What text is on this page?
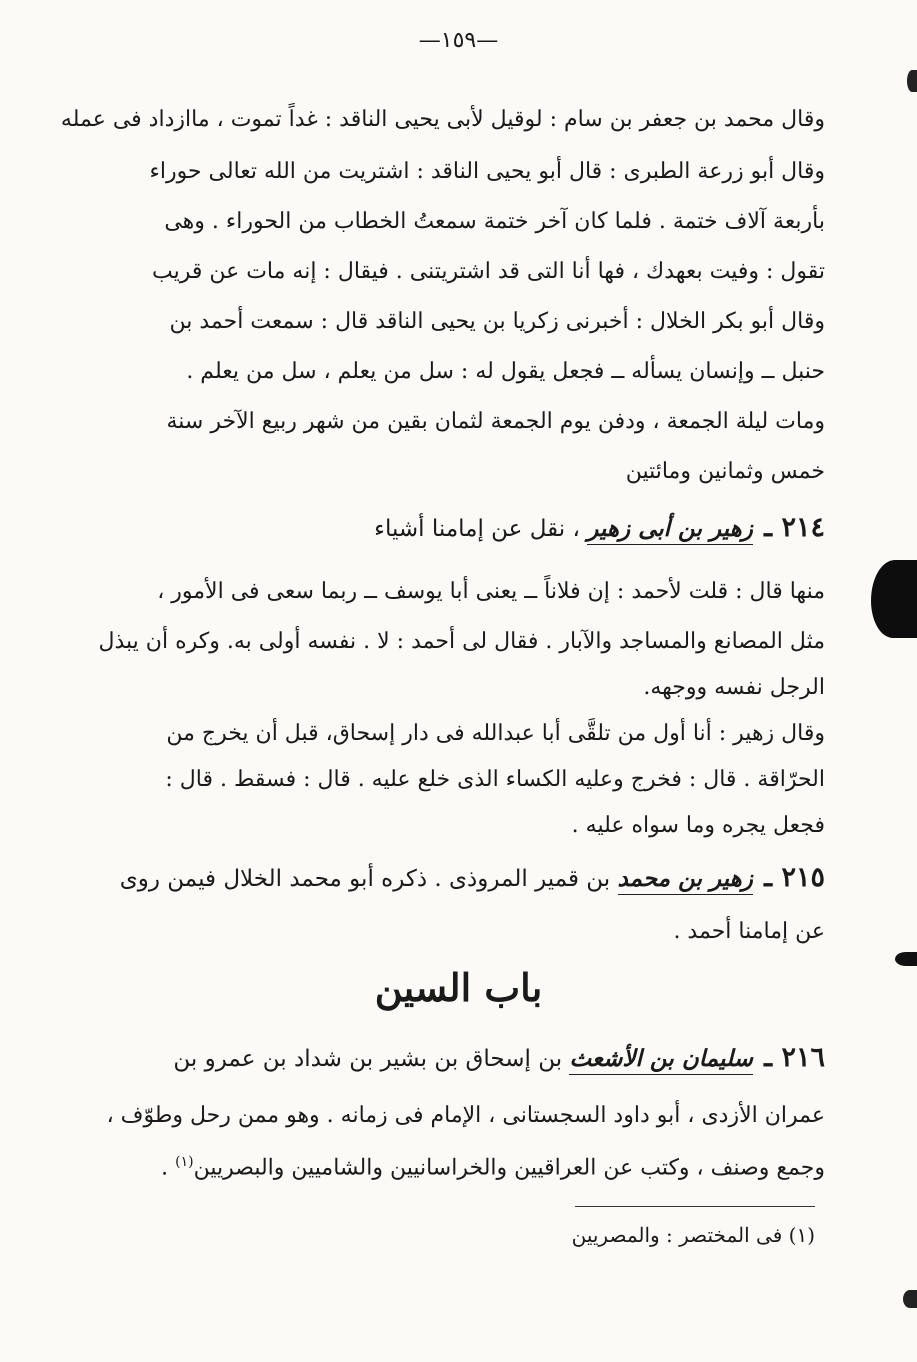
—١٥٩—
وقال محمد بن جعفر بن سام : لوقيل لأبى يحيى الناقد : غداً تموت ، ماازداد فى عمله
وقال أبو زرعة الطبرى : قال أبو يحيى الناقد : اشتريت من الله تعالى حوراء
بأربعة آلاف ختمة . فلما كان آخر ختمة سمعتُ الخطاب من الحوراء . وهى
تقول : وفيت بعهدك ، فها أنا التى قد اشتريتنى . فيقال : إنه مات عن قريب
وقال أبو بكر الخلال : أخبرنى زكريا بن يحيى الناقد قال : سمعت أحمد بن
حنبل ــ وإنسان يسأله ــ فجعل يقول له : سل من يعلم ، سل من يعلم .
ومات ليلة الجمعة ، ودفن يوم الجمعة لثمان بقين من شهر ربيع الآخر سنة
خمس وثمانين ومائتين
٢١٤ ـ زهير بن أبى زهير ، نقل عن إمامنا أشياء
منها قال : قلت لأحمد : إن فلاناً ــ يعنى أبا يوسف ــ ربما سعى فى الأمور ،
مثل المصانع والمساجد والآبار . فقال لى أحمد : لا . نفسه أولى به. وكره أن يبذل
الرجل نفسه ووجهه.
وقال زهير : أنا أول من تلقَّى أبا عبدالله فى دار إسحاق، قبل أن يخرج من
الحرّاقة . قال : فخرج وعليه الكساء الذى خلع عليه . قال : فسقط . قال :
فجعل يجره وما سواه عليه .
٢١٥ ـ زهير بن محمد بن قمير المروذى . ذكره أبو محمد الخلال فيمن روى
عن إمامنا أحمد .
باب السين
٢١٦ ـ سليمان بن الأشعث بن إسحاق بن بشير بن شداد بن عمرو بن
عمران الأزدى ، أبو داود السجستانى ، الإمام فى زمانه . وهو ممن رحل وطوّف ،
وجمع وصنف ، وكتب عن العراقيين والخراسانيين والشاميين والبصريين$^{(١)}$ .
(١) فى المختصر : والمصريين
